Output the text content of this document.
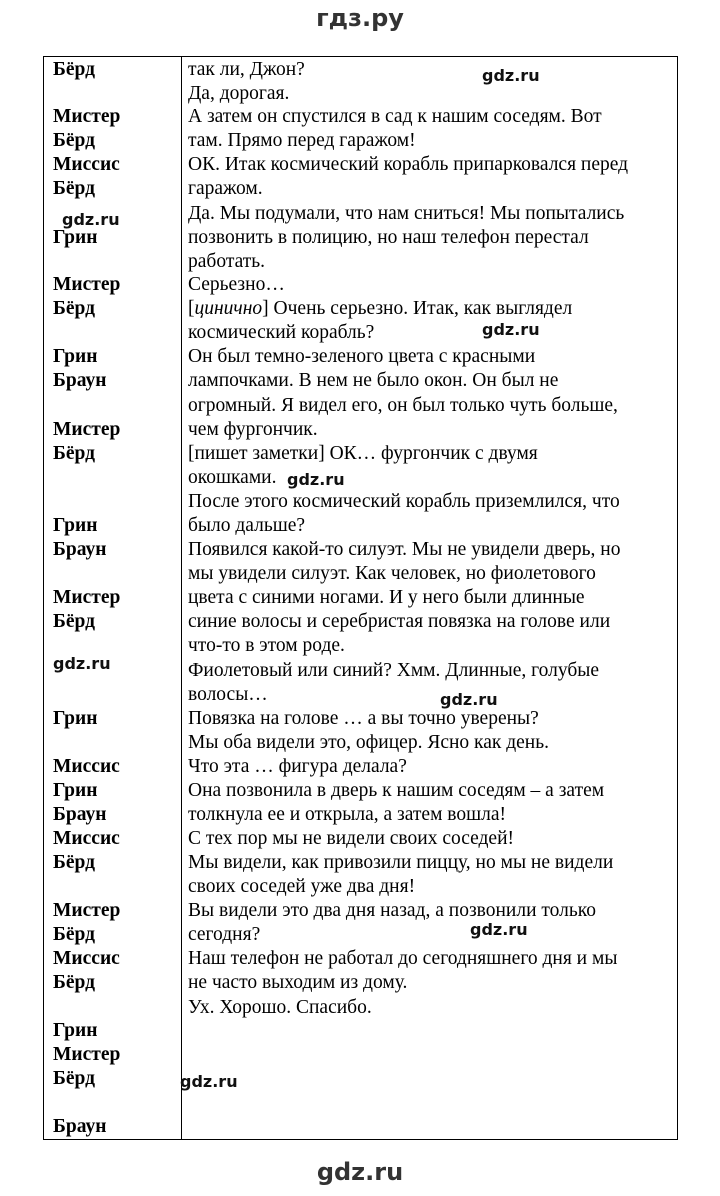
гдз.ру
Бёрд
Мистер
Бёрд
Миссис
Бёрд
Грин
Мистер
Бёрд
Грин
Браун
Мистер
Бёрд
Грин
Браун
Мистер
Бёрд
Грин
Миссис
Грин
Браун
Миссис
Бёрд
Мистер
Бёрд
Миссис
Бёрд
Грин
Мистер
Бёрд
Браун
так ли, Джон?
Да, дорогая.
А затем он спустился в сад к нашим соседям. Вот
там. Прямо перед гаражом!
ОК. Итак космический корабль припарковался перед
гаражом.
Да. Мы подумали, что нам сниться! Мы попытались
позвонить в полицию, но наш телефон перестал
работать.
Серьезно…
[цинично] Очень серьезно. Итак, как выглядел
космический корабль?
Он был темно-зеленого цвета с красными
лампочками. В нем не было окон. Он был не
огромный. Я видел его, он был только чуть больше,
чем фургончик.
[пишет заметки] ОК… фургончик с двумя
окошками.
После этого космический корабль приземлился, что
было дальше?
Появился какой-то силуэт. Мы не увидели дверь, но
мы увидели силуэт. Как человек, но фиолетового
цвета с синими ногами. И у него были длинные
синие волосы и серебристая повязка на голове или
что-то в этом роде.
Фиолетовый или синий? Хмм. Длинные, голубые
волосы…
Повязка на голове … а вы точно уверены?
Мы оба видели это, офицер. Ясно как день.
Что эта … фигура делала?
Она позвонила в дверь к нашим соседям – а затем
толкнула ее и открыла, а затем вошла!
С тех пор мы не видели своих соседей!
Мы видели, как привозили пиццу, но мы не видели
своих соседей уже два дня!
Вы видели это два дня назад, а позвонили только
сегодня?
Наш телефон не работал до сегодняшнего дня и мы
не часто выходим из дому.
Ух. Хорошо. Спасибо.
gdz.ru
gdz.ru
gdz.ru
gdz.ru
gdz.ru
gdz.ru
gdz.ru
gdz.ru
gdz.ru
